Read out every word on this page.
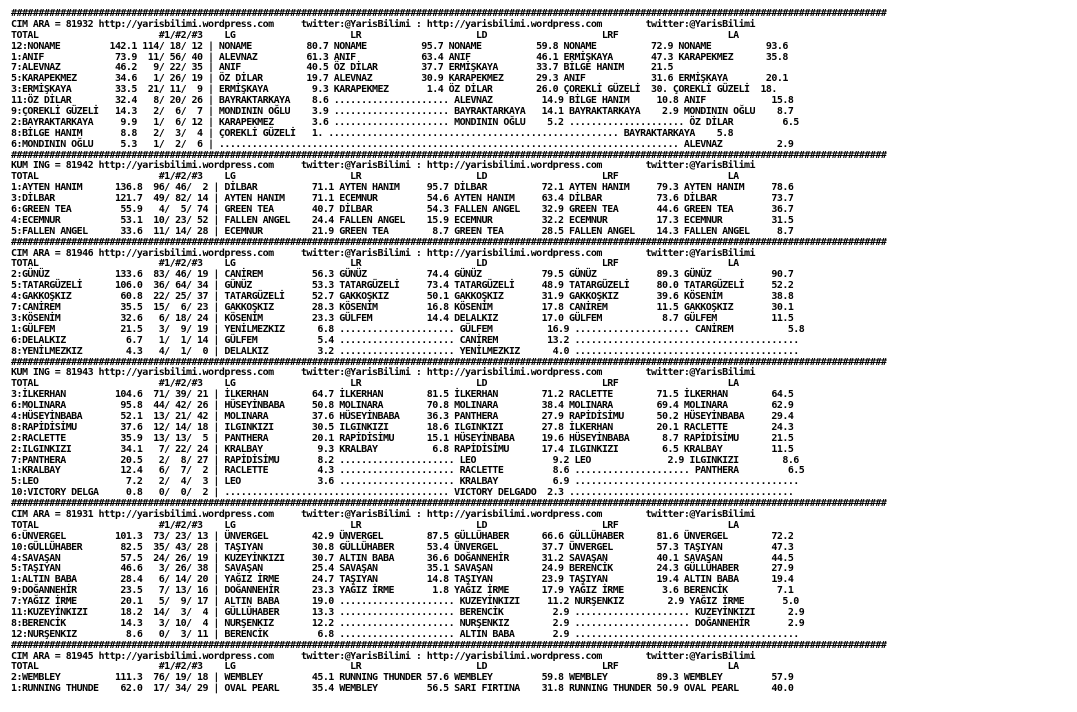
################################################################################################################################################################
CIM ARA = 81932 http://yarisbilimi.wordpress.com     twitter:@YarisBilimi : http://yarisbilimi.wordpress.com        twitter:@YarisBilimi
TOTAL                      #1/#2/#3    LG                     LR                     LD                     LRF                    LA
12:NONAME         142.1 114/ 18/ 12 | NONAME          80.7 NONAME          95.7 NONAME          59.8 NONAME          72.9 NONAME          93.6
1:ANIF             73.9  11/ 56/ 40 | ALEVNAZ         61.3 ANIF            63.4 ANIF            46.1 ERMİŞKAYA       47.3 KARAPEKMEZ      35.8
7:ALEVNAZ          46.2   9/ 22/ 35 | ANIF            40.5 ÖZ DİLAR        37.7 ERMİŞKAYA       33.7 BİLGE HANIM     21.5
5:KARAPEKMEZ       34.6   1/ 26/ 19 | ÖZ DİLAR        19.7 ALEVNAZ         30.9 KARAPEKMEZ      29.3 ANIF            31.6 ERMİŞKAYA       20.1
3:ERMİŞKAYA        33.5  21/ 11/  9 | ERMİŞKAYA        9.3 KARAPEKMEZ       1.4 ÖZ DİLAR        26.0 ÇOREKLİ GÜZELİ  30. ÇOREKLİ GÜZELİ  18.
11:ÖZ DİLAR        32.4   8/ 20/ 26 | BAYRAKTARKAYA    8.6 ..................... ALEVNAZ         14.9 BİLGE HANIM     10.8 ANIF            15.8
9:ÇOREKLİ GÜZELİ   14.3   2/  6/  7 | MONDININ OĞLU    3.9 ..................... BAYRAKTARKAYA   14.1 BAYRAKTARKAYA    2.9 MONDININ OĞLU    8.7
2:BAYRAKTARKAYA     9.9   1/  6/ 12 | KARAPEKMEZ       3.6 ..................... MONDININ OĞLU    5.2 ..................... ÖZ DİLAR         6.5
8:BİLGE HANIM       8.8   2/  3/  4 | ÇOREKLİ GÜZELİ   1. ..................................................... BAYRAKTARKAYA    5.8
6:MONDININ OĞLU     5.3   1/  2/  6 | .................................................................................... ALEVNAZ          2.9
################################################################################################################################################################
KUM ING = 81942 http://yarisbilimi.wordpress.com     twitter:@YarisBilimi : http://yarisbilimi.wordpress.com        twitter:@YarisBilimi
TOTAL                      #1/#2/#3    LG                     LR                     LD                     LRF                    LA
1:AYTEN HANIM      136.8  96/ 46/  2 | DİLBAR          71.1 AYTEN HANIM     95.7 DİLBAR          72.1 AYTEN HANIM     79.3 AYTEN HANIM     78.6
3:DİLBAR           121.7  49/ 82/ 14 | AYTEN HANIM     71.1 ECEMNUR         54.6 AYTEN HANIM     63.4 DİLBAR          73.6 DİLBAR          73.7
6:GREEN TEA         55.9   4/  5/ 74 | GREEN TEA       40.7 DİLBAR          54.3 FALLEN ANGEL    32.9 GREEN TEA       44.6 GREEN TEA       36.7
4:ECEMNUR           53.1  10/ 23/ 52 | FALLEN ANGEL    24.4 FALLEN ANGEL    15.9 ECEMNUR         32.2 ECEMNUR         17.3 ECEMNUR         31.5
5:FALLEN ANGEL      33.6  11/ 14/ 28 | ECEMNUR         21.9 GREEN TEA        8.7 GREEN TEA       28.5 FALLEN ANGEL    14.3 FALLEN ANGEL     8.7
################################################################################################################################################################
CIM ARA = 81946 http://yarisbilimi.wordpress.com     twitter:@YarisBilimi : http://yarisbilimi.wordpress.com        twitter:@YarisBilimi
TOTAL                      #1/#2/#3    LG                     LR                     LD                     LRF                    LA
2:GÜNÜZ            133.6  83/ 46/ 19 | CANİREM         56.3 GÜNÜZ           74.4 GÜNÜZ           79.5 GÜNÜZ           89.3 GÜNÜZ           90.7
5:TATARGÜZELİ      106.0  36/ 64/ 34 | GÜNÜZ           53.3 TATARGÜZELİ     73.4 TATARGÜZELİ     48.9 TATARGÜZELİ     80.0 TATARGÜZELİ     52.2
4:GAKKOŞKIZ         60.8  22/ 25/ 37 | TATARGÜZELİ     52.7 GAKKOŞKIZ       50.1 GAKKOŞKIZ       31.9 GAKKOŞKIZ       39.6 KÖSENİM         38.8
7:CANİREM           35.5  15/  6/ 23 | GAKKOŞKIZ       28.3 KÖSENİM         16.8 KÖSENİM         17.8 CANİREM         11.5 GAKKOŞKIZ       30.1
3:KÖSENİM           32.6   6/ 18/ 24 | KÖSENİM         23.3 GÜLFEM          14.4 DELALKIZ        17.0 GÜLFEM           8.7 GÜLFEM          11.5
1:GÜLFEM            21.5   3/  9/ 19 | YENİLMEZKIZ      6.8 ..................... GÜLFEM          16.9 ..................... CANİREM          5.8
6:DELALKIZ           6.7   1/  1/ 14 | GÜLFEM           5.4 ..................... CANİREM         13.2 .........................................
8:YENİLMEZKIZ        4.3   4/  1/  0 | DELALKIZ         3.2 ..................... YENİLMEZKIZ      4.0 .........................................
################################################################################################################################################################
KUM ING = 81943 http://yarisbilimi.wordpress.com     twitter:@YarisBilimi : http://yarisbilimi.wordpress.com        twitter:@YarisBilimi
TOTAL                      #1/#2/#3    LG                     LR                     LD                     LRF                    LA
3:İLKERHAN         104.6  71/ 39/ 21 | İLKERHAN        64.7 İLKERHAN        81.5 İLKERHAN        71.2 RACLETTE        71.5 İLKERHAN        64.5
6:MOLINARA          95.8  44/ 42/ 26 | HÜSEYİNBABA     50.8 MOLINARA        70.8 MOLINARA        38.4 MOLINARA        69.4 MOLINARA        62.9
4:HÜSEYİNBABA       52.1  13/ 21/ 42 | MOLINARA        37.6 HÜSEYİNBABA     36.3 PANTHERA        27.9 RAPİDİSİMU      50.2 HÜSEYİNBABA     29.4
8:RAPİDİSİMU        37.6  12/ 14/ 18 | ILGINKIZI       30.5 ILGINKIZI       18.6 ILGINKIZI       27.8 İLKERHAN        20.1 RACLETTE        24.3
2:RACLETTE          35.9  13/ 13/  5 | PANTHERA        20.1 RAPİDİSİMU      15.1 HÜSEYİNBABA     19.6 HÜSEYİNBABA      8.7 RAPİDİSİMU      21.5
2:ILGINKIZI         34.1   7/ 22/ 24 | KRALBAY          9.3 KRALBAY          6.8 RAPİDİSİMU      17.4 ILGINKIZI        6.5 KRALBAY         11.5
7:PANTHERA          20.5   2/  8/ 27 | RAPİDİSİMU       8.2 ..................... LEO              9.2 LEO              2.9 ILGINKIZI        8.6
1:KRALBAY           12.4   6/  7/  2 | RACLETTE         4.3 ..................... RACLETTE         8.6 ..................... PANTHERA         6.5
5:LEO                7.2   2/  4/  3 | LEO              3.6 ..................... KRALBAY          6.9 .........................................
10:VICTORY DELGA     0.8   0/  0/  2 | ......................................... VICTORY DELGADO  2.3 .........................................
################################################################################################################################################################
CIM ARA = 81931 http://yarisbilimi.wordpress.com     twitter:@YarisBilimi : http://yarisbilimi.wordpress.com        twitter:@YarisBilimi
TOTAL                      #1/#2/#3    LG                     LR                     LD                     LRF                    LA
6:ÜNVERGEL         101.3  73/ 23/ 13 | ÜNVERGEL        42.9 ÜNVERGEL        87.5 GÜLLÜHABER      66.6 GÜLLÜHABER      81.6 ÜNVERGEL        72.2
10:GÜLLÜHABER       82.5  35/ 43/ 28 | TAŞIYAN         30.8 GÜLLÜHABER      53.4 ÜNVERGEL        37.7 ÜNVERGEL        57.3 TAŞIYAN         47.3
4:SAVAŞAN           57.5  24/ 26/ 19 | KUZEYİNKIZI     30.7 ALTIN BABA      36.6 DOĞANNEHİR      31.2 SAVAŞAN         40.1 SAVAŞAN         44.5
5:TAŞIYAN           46.6   3/ 26/ 38 | SAVAŞAN         25.4 SAVAŞAN         35.1 SAVAŞAN         24.9 BERENCİK        24.3 GÜLLÜHABER      27.9
1:ALTIN BABA        28.4   6/ 14/ 20 | YAĞIZ İRME      24.7 TAŞIYAN         14.8 TAŞIYAN         23.9 TAŞIYAN         19.4 ALTIN BABA      19.4
9:DOĞANNEHİR        23.5   7/ 13/ 16 | DOĞANNEHİR      23.3 YAĞIZ İRME       1.8 YAĞIZ İRME      17.9 YAĞIZ İRME       3.6 BERENCİK         7.1
7:YAĞIZ İRME        20.1   5/  9/ 17 | ALTIN BABA      19.0 ..................... KUZEYİNKIZI     11.2 NURŞENKIZ        2.9 YAĞIZ İRME       5.0
11:KUZEYİNKIZI      18.2  14/  3/  4 | GÜLLÜHABER      13.3 ..................... BERENCİK         2.9 ..................... KUZEYİNKIZI      2.9
8:BERENCİK          14.3   3/ 10/  4 | NURŞENKIZ       12.2 ..................... NURŞENKIZ        2.9 ..................... DOĞANNEHİR       2.9
12:NURŞENKIZ         8.6   0/  3/ 11 | BERENCİK         6.8 ..................... ALTIN BABA       2.9 .........................................
################################################################################################################################################################
CIM ARA = 81945 http://yarisbilimi.wordpress.com     twitter:@YarisBilimi : http://yarisbilimi.wordpress.com        twitter:@YarisBilimi
TOTAL                      #1/#2/#3    LG                     LR                     LD                     LRF                    LA
2:WEMBLEY          111.3  76/ 19/ 18 | WEMBLEY         45.1 RUNNING THUNDER 57.6 WEMBLEY         59.8 WEMBLEY         89.3 WEMBLEY         57.9
1:RUNNING THUNDE    62.0  17/ 34/ 29 | OVAL PEARL      35.4 WEMBLEY         56.5 SARI FIRTINA    31.8 RUNNING THUNDER 50.9 OVAL PEARL      40.0
